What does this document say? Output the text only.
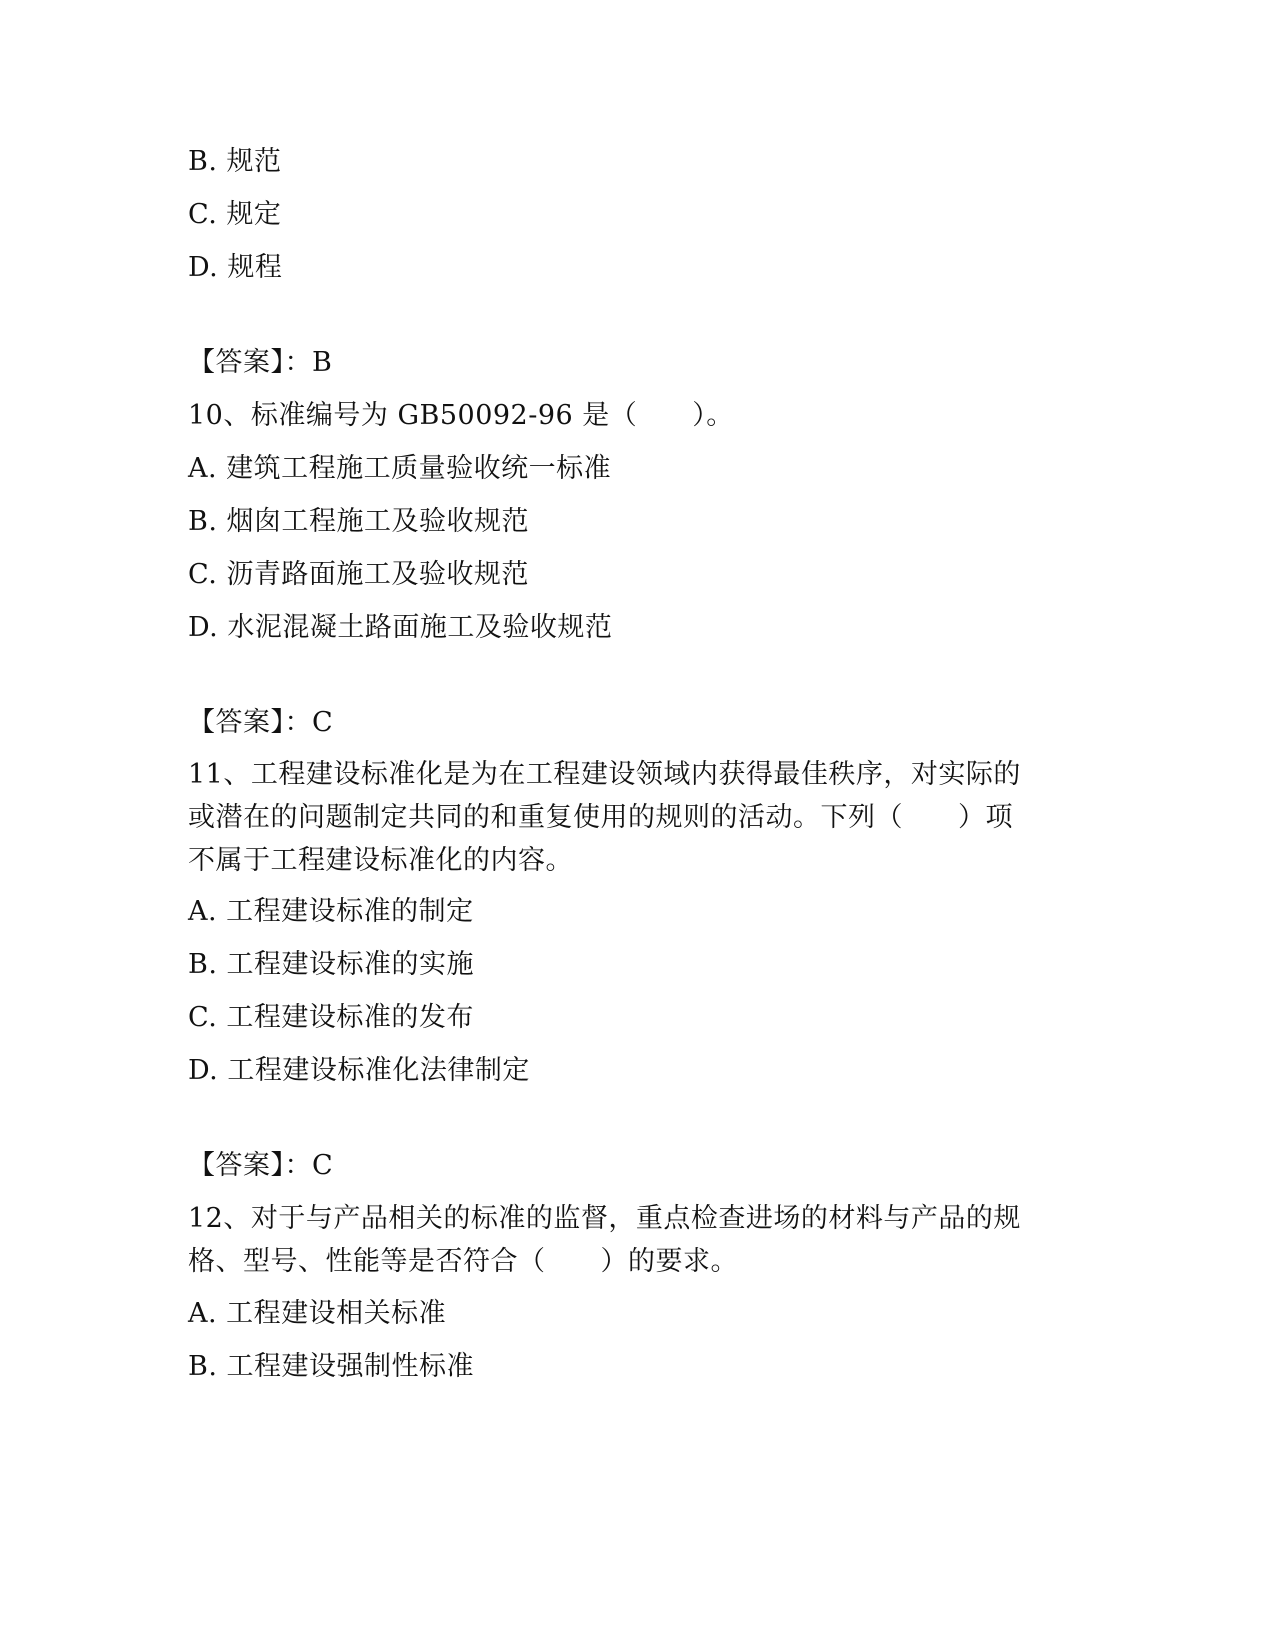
B. 规范
C. 规定
D. 规程
【答案】：B
10、标准编号为 GB50092-96 是（　　）。
A. 建筑工程施工质量验收统一标准
B. 烟囱工程施工及验收规范
C. 沥青路面施工及验收规范
D. 水泥混凝土路面施工及验收规范
【答案】：C
11、工程建设标准化是为在工程建设领域内获得最佳秩序，对实际的
或潜在的问题制定共同的和重复使用的规则的活动。下列（　　）项
不属于工程建设标准化的内容。
A. 工程建设标准的制定
B. 工程建设标准的实施
C. 工程建设标准的发布
D. 工程建设标准化法律制定
【答案】：C
12、对于与产品相关的标准的监督，重点检查进场的材料与产品的规
格、型号、性能等是否符合（　　）的要求。
A. 工程建设相关标准
B. 工程建设强制性标准
